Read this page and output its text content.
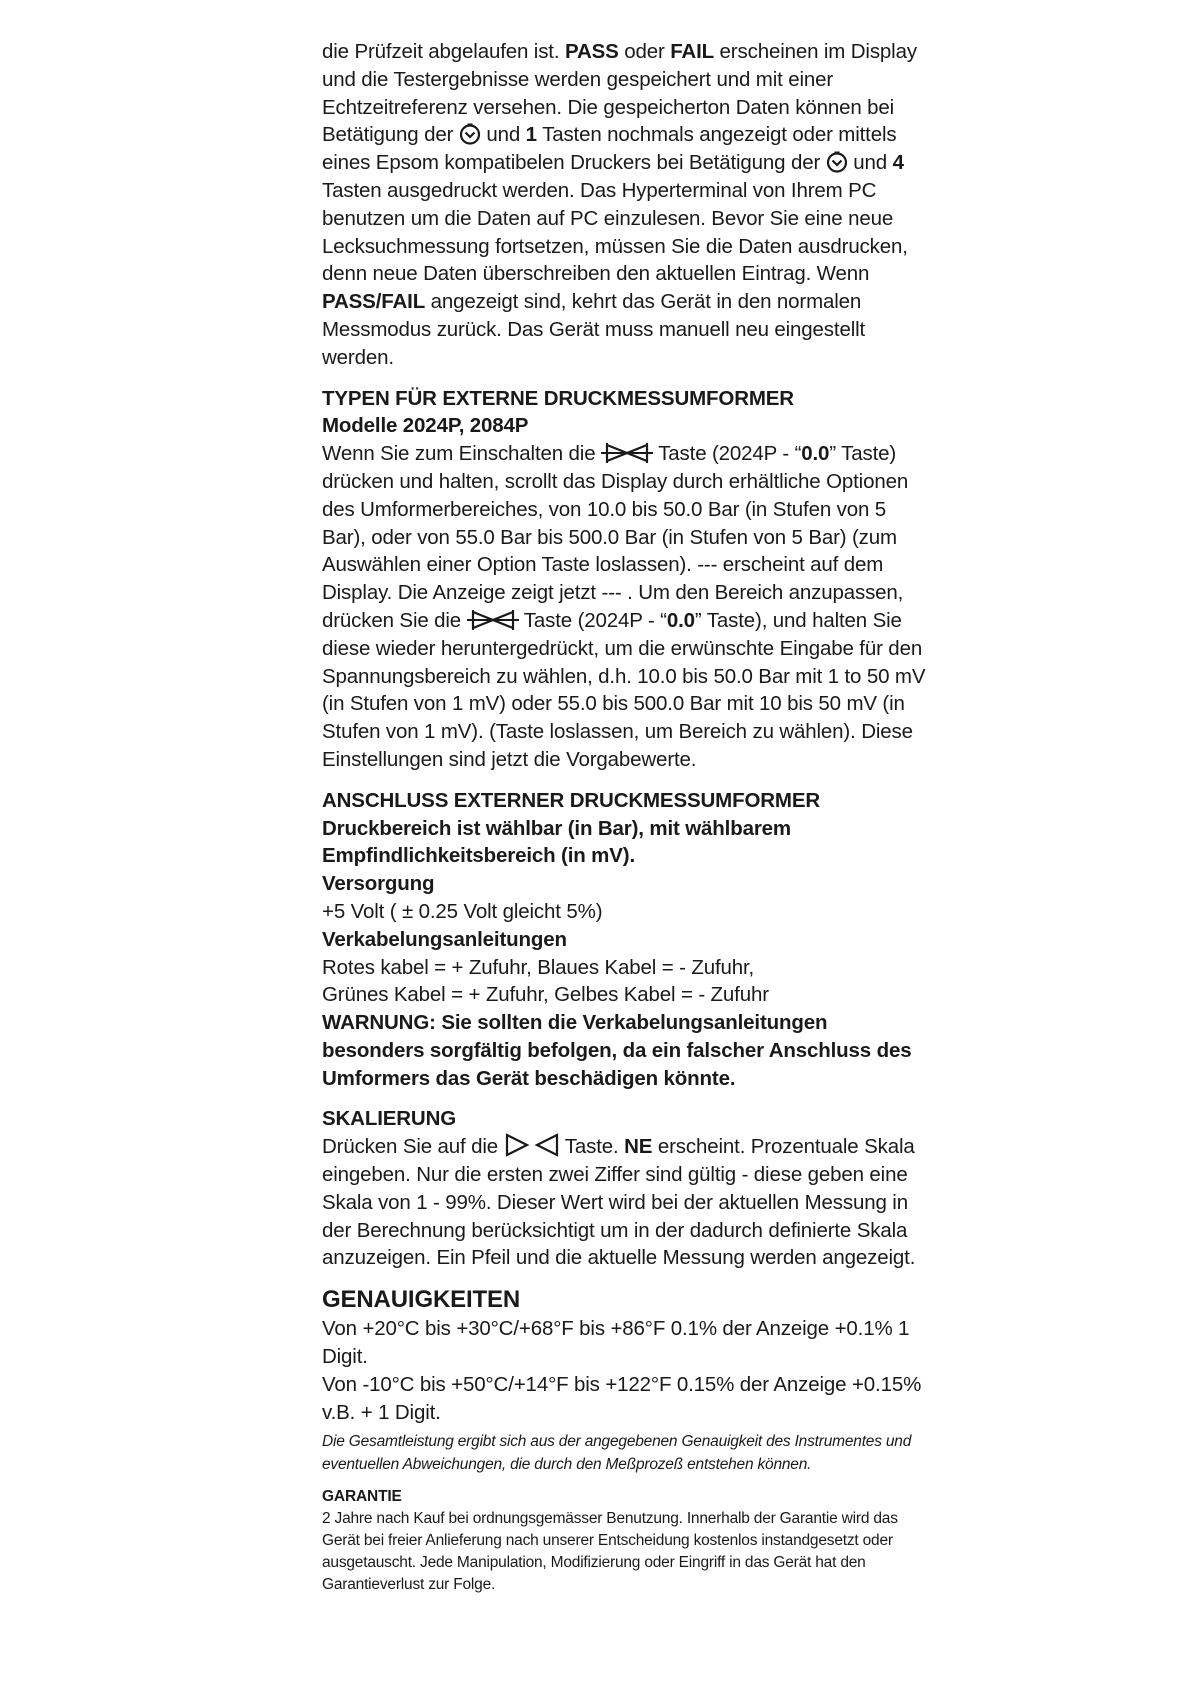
die Prüfzeit abgelaufen ist. PASS oder FAIL erscheinen im Display und die Testergebnisse werden gespeichert und mit einer Echtzeitreferenz versehen. Die gespeicherton Daten können bei Betätigung der
und 1 Tasten nochmals angezeigt oder mittels eines Epsom kompatibelen Druckers bei Betätigung der
und 4 Tasten ausgedruckt werden. Das Hyperterminal von Ihrem PC benutzen um die Daten auf PC einzulesen. Bevor Sie eine neue Lecksuchmessung fortsetzen, müssen Sie die Daten ausdrucken, denn neue Daten überschreiben den aktuellen Eintrag. Wenn PASS/FAIL angezeigt sind, kehrt das Gerät in den normalen Messmodus zurück. Das Gerät muss manuell neu eingestellt werden.

TYPEN FÜR EXTERNE DRUCKMESSUMFORMER

Modelle 2024P, 2084P

Wenn Sie zum Einschalten die	Taste (2024P - “0.0” Taste) drücken und halten, scrollt das Display durch erhältliche Optionen des Umformerbereiches, von 10.0 bis 50.0 Bar (in Stufen von 5 Bar), oder von 55.0 Bar bis 500.0 Bar (in Stufen von 5 Bar) (zum Auswählen einer Option Taste loslassen). --- erscheint auf dem Display. Die Anzeige zeigt jetzt --- . Um den Bereich anzupassen, drücken Sie die	Taste (2024P - “0.0” Taste), und halten Sie diese wieder heruntergedrückt, um die erwünschte Eingabe für den Spannungsbereich zu wählen, d.h. 10.0 bis 50.0 Bar mit 1 to 50 mV (in Stufen von 1 mV) oder 55.0 bis 500.0 Bar mit 10 bis 50 mV (in Stufen von 1 mV). (Taste loslassen, um Bereich zu wählen). Diese Einstellungen sind jetzt die Vorgabewerte.

ANSCHLUSS EXTERNER DRUCKMESSUMFORMER

Druckbereich ist wählbar (in Bar), mit wählbarem Empfindlichkeitsbereich (in mV).

Versorgung

+5 Volt ( ± 0.25 Volt gleicht 5%)

Verkabelungsanleitungen

Rotes kabel = + Zufuhr, Blaues Kabel = - Zufuhr,

Grünes Kabel = + Zufuhr, Gelbes Kabel = - Zufuhr

WARNUNG: Sie sollten die Verkabelungsanleitungen besonders sorgfältig befolgen, da ein falscher Anschluss des Umformers das Gerät beschädigen könnte.

SKALIERUNG

Drücken Sie auf die	Taste. NE erscheint. Prozentuale Skala eingeben. Nur die ersten zwei Ziffer sind gültig - diese geben eine Skala von 1 - 99%. Dieser Wert wird bei der aktuellen Messung in der Berechnung berücksichtigt um in der dadurch definierte Skala anzuzeigen. Ein Pfeil und die aktuelle Messung werden angezeigt.

GENAUIGKEITEN

Von +20°C bis +30°C/+68°F bis +86°F 0.1% der Anzeige +0.1% 1 Digit.

Von -10°C bis +50°C/+14°F bis +122°F 0.15% der Anzeige +0.15% v.B. + 1 Digit.

Die Gesamtleistung ergibt sich aus der angegebenen Genauigkeit des Instrumentes und eventuellen Abweichungen, die durch den Meßprozeß entstehen können.

GARANTIE

2 Jahre nach Kauf bei ordnungsgemässer Benutzung. Innerhalb der Garantie wird das Gerät bei freier Anlieferung nach unserer Entscheidung kostenlos instandgesetzt oder ausgetauscht. Jede Manipulation, Modifizierung oder Eingriff in das Gerät hat den Garantieverlust zur Folge.
